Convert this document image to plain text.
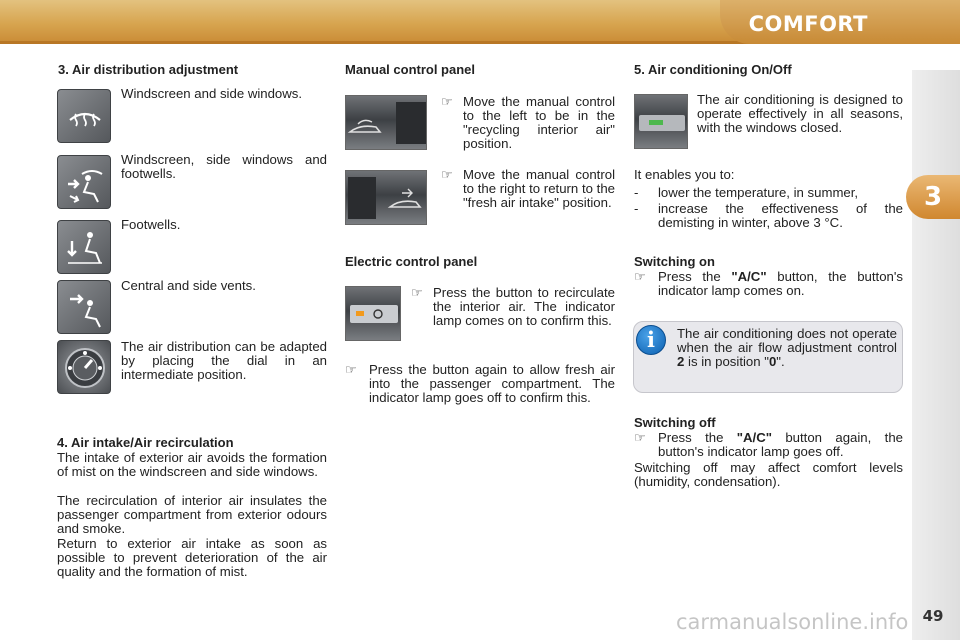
COMFORT
3
3. Air distribution adjustment
Windscreen and side windows.
Windscreen, side windows and footwells.
Footwells.
Central and side vents.
The air distribution can be adapted by placing the dial in an intermediate position.
4. Air intake/Air recirculation
The intake of exterior air avoids the formation of mist on the windscreen and side windows.
The recirculation of interior air insulates the passenger compartment from exterior odours and smoke.
Return to exterior air intake as soon as possible to prevent deterioration of the air quality and the formation of mist.
Manual control panel
☞ Move the manual control to the left to be in the "recycling interior air" position.
☞ Move the manual control to the right to return to the "fresh air intake" position.
Electric control panel
☞ Press the button to recirculate the interior air. The indicator lamp comes on to confirm this.
☞ Press the button again to allow fresh air into the passenger compartment. The indicator lamp goes off to confirm this.
5. Air conditioning On/Off
The air conditioning is designed to operate effectively in all seasons, with the windows closed.
It enables you to:
- lower the temperature, in summer,
- increase the effectiveness of the demisting in winter, above 3 °C.
Switching on
☞ Press the "A/C" button, the button's indicator lamp comes on.
i	The air conditioning does not operate when the air flow adjustment control 2 is in position "0".
Switching off
☞ Press the "A/C" button again, the button's indicator lamp goes off.
Switching off may affect comfort levels (humidity, condensation).
carmanualsonline.info 49
